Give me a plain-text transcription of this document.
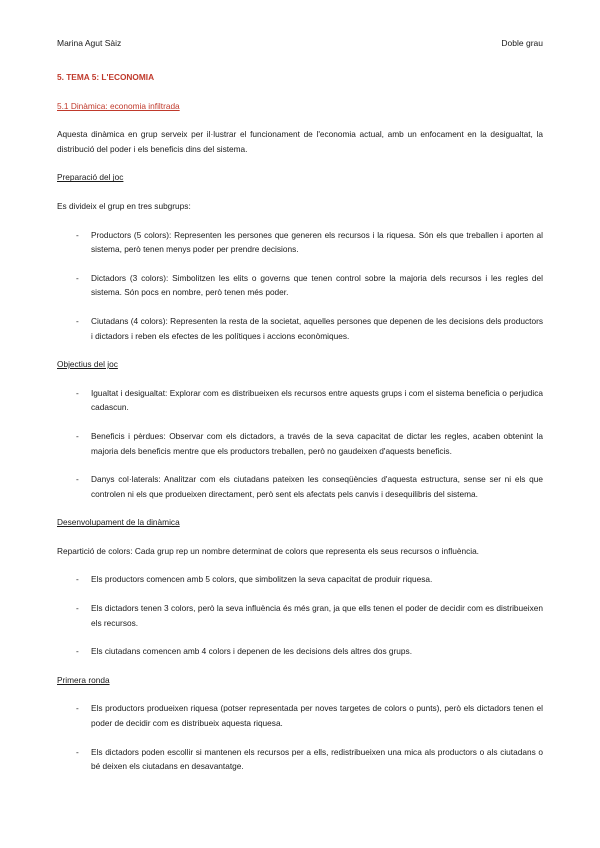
Marina Agut Sàiz	Doble grau
5. TEMA 5: L'ECONOMIA
5.1 Dinàmica: economia infiltrada

Aquesta dinàmica en grup serveix per il·lustrar el funcionament de l'economia actual, amb un enfocament en la desigualtat, la distribució del poder i els beneficis dins del sistema.

Preparació del joc

Es divideix el grup en tres subgrups:

- Productors (5 colors): Representen les persones que generen els recursos i la riquesa. Són els que treballen i aporten al sistema, però tenen menys poder per prendre decisions.
- Dictadors (3 colors): Simbolitzen les elits o governs que tenen control sobre la majoria dels recursos i les regles del sistema. Són pocs en nombre, però tenen més poder.
- Ciutadans (4 colors): Representen la resta de la societat, aquelles persones que depenen de les decisions dels productors i dictadors i reben els efectes de les polítiques i accions econòmiques.
Objectius del joc
- Igualtat i desigualtat: Explorar com es distribueixen els recursos entre aquests grups i com el sistema beneficia o perjudica cadascun.
- Beneficis i pèrdues: Observar com els dictadors, a través de la seva capacitat de dictar les regles, acaben obtenint la majoria dels beneficis mentre que els productors treballen, però no gaudeixen d'aquests beneficis.
- Danys col·laterals: Analitzar com els ciutadans pateixen les conseqüències d'aquesta estructura, sense ser ni els que controlen ni els que produeixen directament, però sent els afectats pels canvis i desequilibris del sistema.
Desenvolupament de la dinàmica

Repartició de colors: Cada grup rep un nombre determinat de colors que representa els seus recursos o influència.

- Els productors comencen amb 5 colors, que simbolitzen la seva capacitat de produir riquesa.
- Els dictadors tenen 3 colors, però la seva influència és més gran, ja que ells tenen el poder de decidir com es distribueixen els recursos.
- Els ciutadans comencen amb 4 colors i depenen de les decisions dels altres dos grups.
Primera ronda
- Els productors produeixen riquesa (potser representada per noves targetes de colors o punts), però els dictadors tenen el poder de decidir com es distribueix aquesta riquesa.
- Els dictadors poden escollir si mantenen els recursos per a ells, redistribueixen una mica als productors o als ciutadans o bé deixen els ciutadans en desavantatge.
